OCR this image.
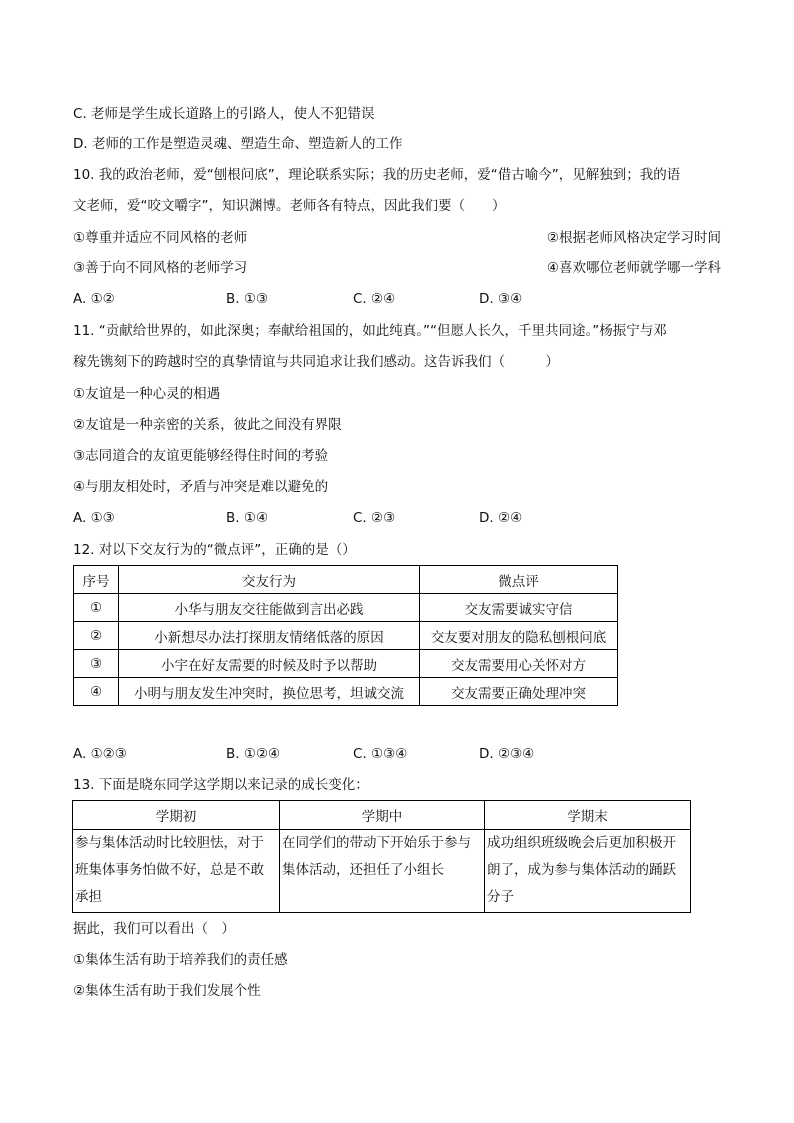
C. 老师是学生成长道路上的引路人，使人不犯错误
D. 老师的工作是塑造灵魂、塑造生命、塑造新人的工作
10. 我的政治老师，爱“刨根问底”，理论联系实际；我的历史老师，爱“借古喻今”，见解独到；我的语
文老师，爱“咬文嚼字”，知识渊博。老师各有特点，因此我们要（　　）
①尊重并适应不同风格的老师	②根据老师风格决定学习时间
③善于向不同风格的老师学习	④喜欢哪位老师就学哪一学科
A. ①②	B. ①③	C. ②④	D. ③④
11. “贡献给世界的，如此深奥；奉献给祖国的，如此纯真。”“但愿人长久，千里共同途。”杨振宁与邓
稼先镌刻下的跨越时空的真挚情谊与共同追求让我们感动。这告诉我们（　　　）
①友谊是一种心灵的相遇
②友谊是一种亲密的关系，彼此之间没有界限
③志同道合的友谊更能够经得住时间的考验
④与朋友相处时，矛盾与冲突是难以避免的
A. ①③	B. ①④	C. ②③	D. ②④
12. 对以下交友行为的“微点评”，正确的是（）
序号	交友行为	微点评
①	小华与朋友交往能做到言出必践	交友需要诚实守信
②	小新想尽办法打探朋友情绪低落的原因	交友要对朋友的隐私刨根问底
③	小宇在好友需要的时候及时予以帮助	交友需要用心关怀对方
④	小明与朋友发生冲突时，换位思考，坦诚交流	交友需要正确处理冲突
A. ①②③	B. ①②④	C. ①③④	D. ②③④
13. 下面是晓东同学这学期以来记录的成长变化：
学期初	学期中	学期末

参与集体活动时比较胆怯，对于班集体事务怕做不好，总是不敢承担	在同学们的带动下开始乐于参与集体活动，还担任了小组长	成功组织班级晚会后更加积极开朗了，成为参与集体活动的踊跃分子
据此，我们可以看出（　）
①集体生活有助于培养我们的责任感
②集体生活有助于我们发展个性
